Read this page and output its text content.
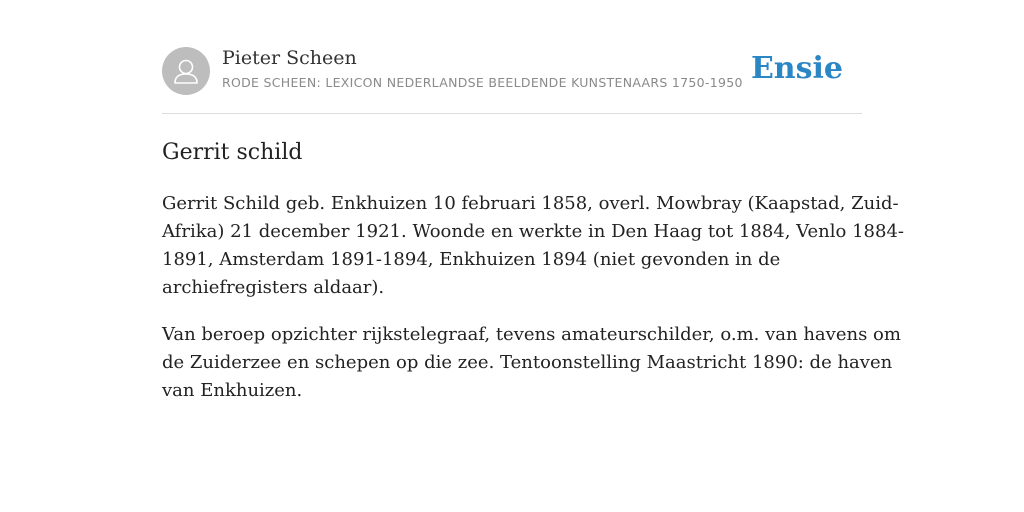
Pieter Scheen
RODE SCHEEN: LEXICON NEDERLANDSE BEELDENDE KUNSTENAARS 1750-1950 Ensie
Gerrit schild

Gerrit Schild geb. Enkhuizen 10 februari 1858, overl. Mowbray (Kaapstad, Zuid-
Afrika) 21 december 1921. Woonde en werkte in Den Haag tot 1884, Venlo 1884-
1891, Amsterdam 1891-1894, Enkhuizen 1894 (niet gevonden in de
archiefregisters aldaar).

Van beroep opzichter rijkstelegraaf, tevens amateurschilder, o.m. van havens om
de Zuiderzee en schepen op die zee. Tentoonstelling Maastricht 1890: de haven
van Enkhuizen.
